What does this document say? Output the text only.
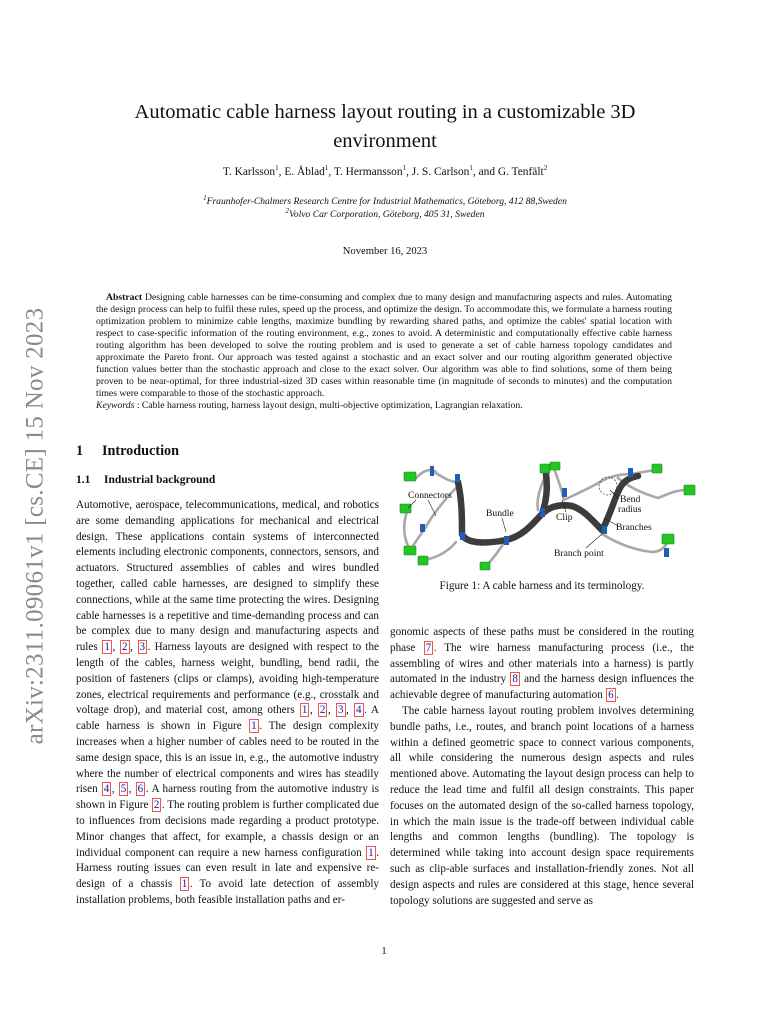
arXiv:2311.09061v1 [cs.CE] 15 Nov 2023
Automatic cable harness layout routing in a customizable 3D environment
T. Karlsson$^1$, E. Åblad$^1$, T. Hermansson$^1$, J. S. Carlson$^1$, and G. Tenfält$^2$
$^1$Fraunhofer-Chalmers Research Centre for Industrial Mathematics, Göteborg, 412 88,Sweden
$^2$Volvo Car Corporation, Göteborg, 405 31, Sweden
November 16, 2023
Abstract Designing cable harnesses can be time-consuming and complex due to many design and manufacturing aspects and rules. Automating the design process can help to fulfil these rules, speed up the process, and optimize the design. To accommodate this, we formulate a harness routing optimization problem to minimize cable lengths, maximize bundling by rewarding shared paths, and optimize the cables' spatial location with respect to case-specific information of the routing environment, e.g., zones to avoid. A deterministic and computationally effective cable harness routing algorithm has been developed to solve the routing problem and is used to generate a set of cable harness topology candidates and approximate the Pareto front. Our approach was tested against a stochastic and an exact solver and our routing algorithm generated objective function values better than the stochastic approach and close to the exact solver. Our algorithm was able to find solutions, some of them being proven to be near-optimal, for three industrial-sized 3D cases within reasonable time (in magnitude of seconds to minutes) and the computation times were comparable to those of the stochastic approach.
Keywords : Cable harness routing, harness layout design, multi-objective optimization, Lagrangian relaxation.
1 Introduction
1.1 Industrial background

Automotive, aerospace, telecommunications, medical, and robotics are some demanding applications for mechanical and electrical design. These applications contain systems of interconnected elements including electronic components, connectors, sensors, and actuators. Structured assemblies of cables and wires bundled together, called cable harnesses, are designed to simplify these connections, while at the same time protecting the wires. Designing cable harnesses is a repetitive and time-demanding process and can be complex due to many design and manufacturing aspects and rules 1 , 2 , 3 . Harness layouts are designed with respect to the length of the cables, harness weight, bundling, bend radii, the position of fasteners (clips or clamps), avoiding high-temperature zones, electrical requirements and performance (e.g., crosstalk and voltage drop), and material cost, among others 1 , 2 , 3 , 4 . A cable harness is shown in Figure 1 . The design complexity increases when a higher number of cables need to be routed in the same design space, this is an issue in, e.g., the automotive industry where the number of electrical components and wires has steadily risen 4 , 5 , 6 . A harness routing from the automotive industry is shown in Figure 2 . The routing problem is further complicated due to influences from decisions made regarding a product prototype. Minor changes that affect, for example, a chassis design or an individual component can require a new harness configuration 1 . Harness routing issues can even result in late and expensive re-design of a chassis 1 . To avoid late detection of assembly installation problems, both feasible installation paths and er-

Connectors
Bundle	Clip
Bend
radius
Branches
Branch point
Figure 1: A cable harness and its terminology.

gonomic aspects of these paths must be considered in the routing phase 7 . The wire harness manufacturing process (i.e., the assembling of wires and other materials into a harness) is partly automated in the industry 8 and the harness design influences the achievable degree of manufacturing automation 6 .

The cable harness layout routing problem involves determining bundle paths, i.e., routes, and branch point locations of a harness within a defined geometric space to connect various components, all while considering the numerous design aspects and rules mentioned above. Automating the layout design process can help to reduce the lead time and fulfil all design constraints. This paper focuses on the automated design of the so-called harness topology, in which the main issue is the trade-off between individual cable lengths and common lengths (bundling). The topology is determined while taking into account design space requirements such as clip-able surfaces and installation-friendly zones. Not all design aspects and rules are considered at this stage, hence several topology solutions are suggested and serve as

1
